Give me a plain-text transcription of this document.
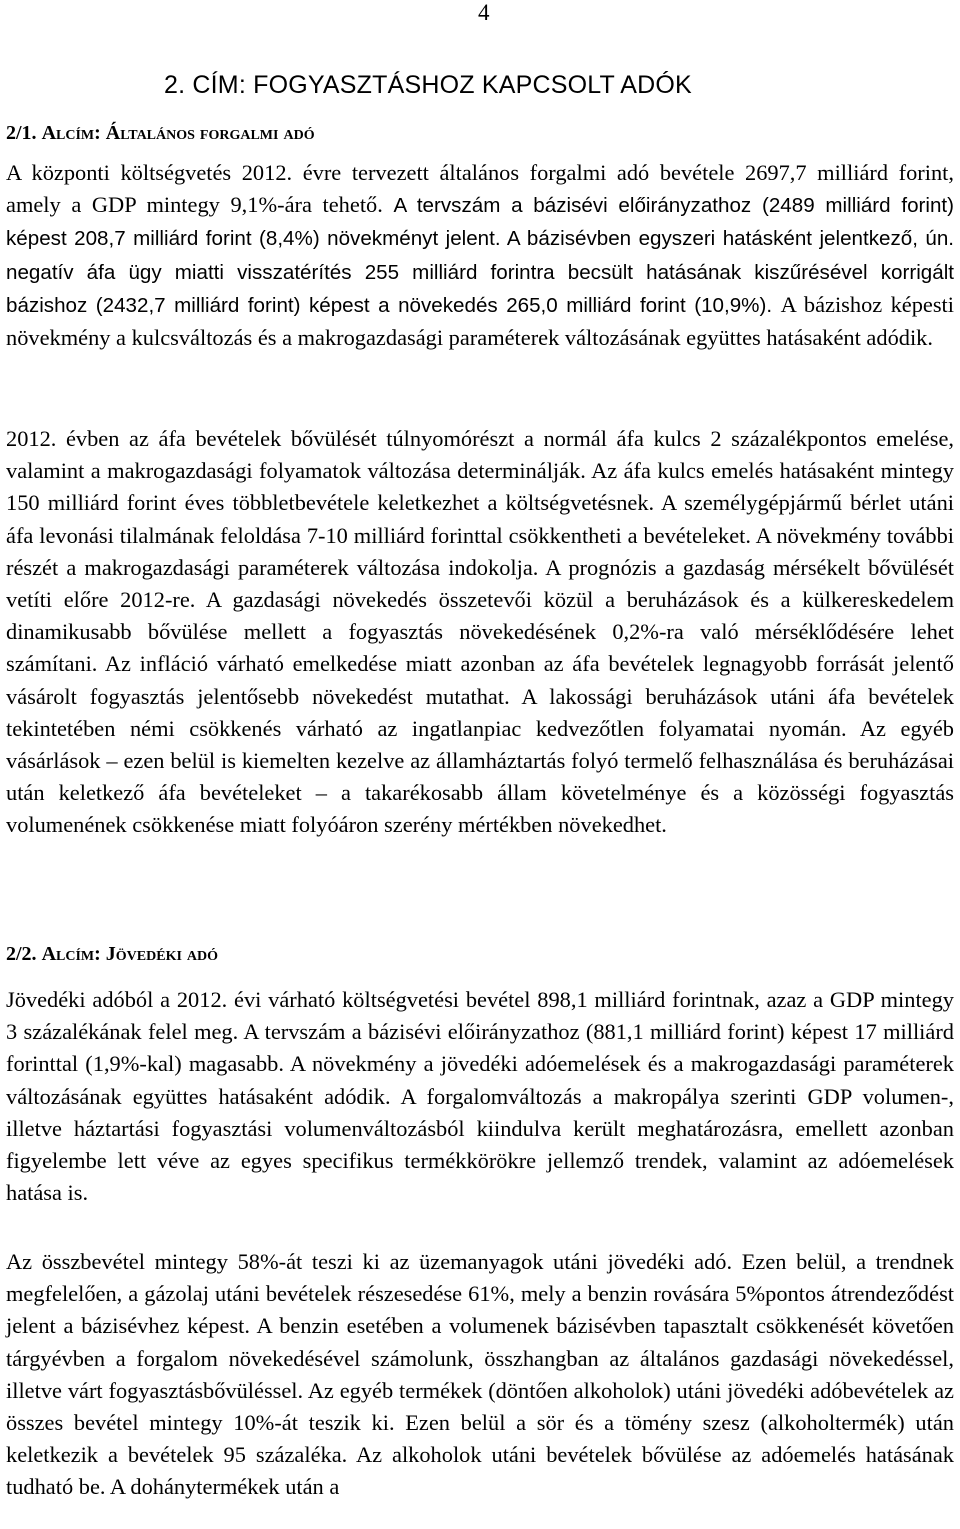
4

2. CÍM: FOGYASZTÁSHOZ KAPCSOLT ADÓK
2/1. Alcím: Általános forgalmi adó

A központi költségvetés 2012. évre tervezett általános forgalmi adó bevétele 2697,7 milliárd forint, amely a GDP mintegy 9,1%-ára tehető. A tervszám a bázisévi előirányzathoz (2489 milliárd forint) képest 208,7 milliárd forint (8,4%) növekményt jelent. A bázisévben egyszeri hatásként jelentkező, ún. negatív áfa ügy miatti visszatérítés 255 milliárd forintra becsült hatásának kiszűrésével korrigált bázishoz (2432,7 milliárd forint) képest a növekedés 265,0 milliárd forint (10,9%). A bázishoz képesti növekmény a kulcsváltozás és a makrogazdasági paraméterek változásának együttes hatásaként adódik.

2012. évben az áfa bevételek bővülését túlnyomórészt a normál áfa kulcs 2 százalékpontos emelése, valamint a makrogazdasági folyamatok változása determinálják. Az áfa kulcs emelés hatásaként mintegy 150 milliárd forint éves többletbevétele keletkezhet a költségvetésnek. A személygépjármű bérlet utáni áfa levonási tilalmának feloldása 7-10 milliárd forinttal csökkentheti a bevételeket. A növekmény további részét a makrogazdasági paraméterek változása indokolja. A prognózis a gazdaság mérsékelt bővülését vetíti előre 2012-re. A gazdasági növekedés összetevői közül a beruházások és a külkereskedelem dinamikusabb bővülése mellett a fogyasztás növekedésének 0,2%-ra való mérséklődésére lehet számítani. Az infláció várható emelkedése miatt azonban az áfa bevételek legnagyobb forrását jelentő vásárolt fogyasztás jelentősebb növekedést mutathat. A lakossági beruházások utáni áfa bevételek tekintetében némi csökkenés várható az ingatlanpiac kedvezőtlen folyamatai nyomán. Az egyéb vásárlások – ezen belül is kiemelten kezelve az államháztartás folyó termelő felhasználása és beruházásai után keletkező áfa bevételeket – a takarékosabb állam követelménye és a közösségi fogyasztás volumenének csökkenése miatt folyóáron szerény mértékben növekedhet.

2/2. Alcím: Jövedéki adó

Jövedéki adóból a 2012. évi várható költségvetési bevétel 898,1 milliárd forintnak, azaz a GDP mintegy 3 százalékának felel meg. A tervszám a bázisévi előirányzathoz (881,1 milliárd forint) képest 17 milliárd forinttal (1,9%-kal) magasabb. A növekmény a jövedéki adóemelések és a makrogazdasági paraméterek változásának együttes hatásaként adódik. A forgalomváltozás a makropálya szerinti GDP volumen-, illetve háztartási fogyasztási volumenváltozásból kiindulva került meghatározásra, emellett azonban figyelembe lett véve az egyes specifikus termékkörökre jellemző trendek, valamint az adóemelések hatása is.

Az összbevétel mintegy 58%-át teszi ki az üzemanyagok utáni jövedéki adó. Ezen belül, a trendnek megfelelően, a gázolaj utáni bevételek részesedése 61%, mely a benzin rovására 5%pontos átrendeződést jelent a bázisévhez képest. A benzin esetében a volumenek bázisévben tapasztalt csökkenését követően tárgyévben a forgalom növekedésével számolunk, összhangban az általános gazdasági növekedéssel, illetve várt fogyasztásbővüléssel. Az egyéb termékek (döntően alkoholok) utáni jövedéki adóbevételek az összes bevétel mintegy 10%-át teszik ki. Ezen belül a sör és a tömény szesz (alkoholtermék) után keletkezik a bevételek 95 százaléka. Az alkoholok utáni bevételek bővülése az adóemelés hatásának tudható be. A dohánytermékek után a
